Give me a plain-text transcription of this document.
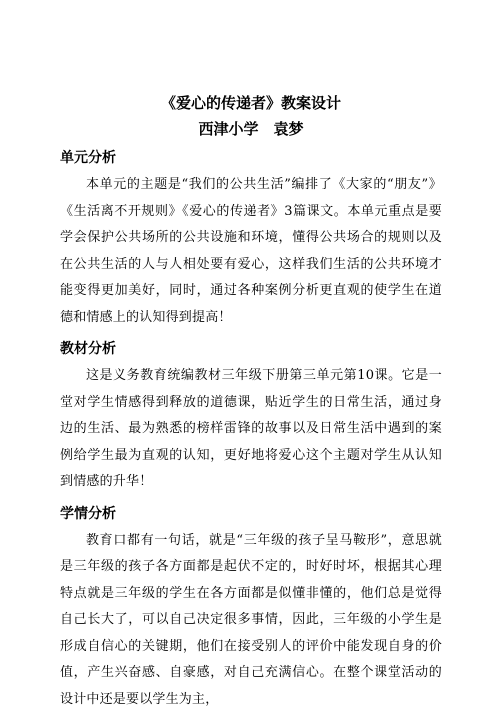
《爱心的传递者》教案设计
西津小学　袁梦
单元分析

本单元的主题是“我们的公共生活”编排了《大家的“朋友”》《生活离不开规则》《爱心的传递者》3篇课文。本单元重点是要学会保护公共场所的公共设施和环境，懂得公共场合的规则以及在公共生活的人与人相处要有爱心，这样我们生活的公共环境才能变得更加美好，同时，通过各种案例分析更直观的使学生在道德和情感上的认知得到提高！

教材分析

这是义务教育统编教材三年级下册第三单元第10课。它是一堂对学生情感得到释放的道德课，贴近学生的日常生活，通过身边的生活、最为熟悉的榜样雷锋的故事以及日常生活中遇到的案例给学生最为直观的认知，更好地将爱心这个主题对学生从认知到情感的升华！

学情分析

教育口都有一句话，就是“三年级的孩子呈马鞍形”，意思就是三年级的孩子各方面都是起伏不定的，时好时坏，根据其心理特点就是三年级的学生在各方面都是似懂非懂的，他们总是觉得自己长大了，可以自己决定很多事情，因此，三年级的小学生是形成自信心的关键期，他们在接受别人的评价中能发现自身的价值，产生兴奋感、自豪感，对自己充满信心。在整个课堂活动的设计中还是要以学生为主，
